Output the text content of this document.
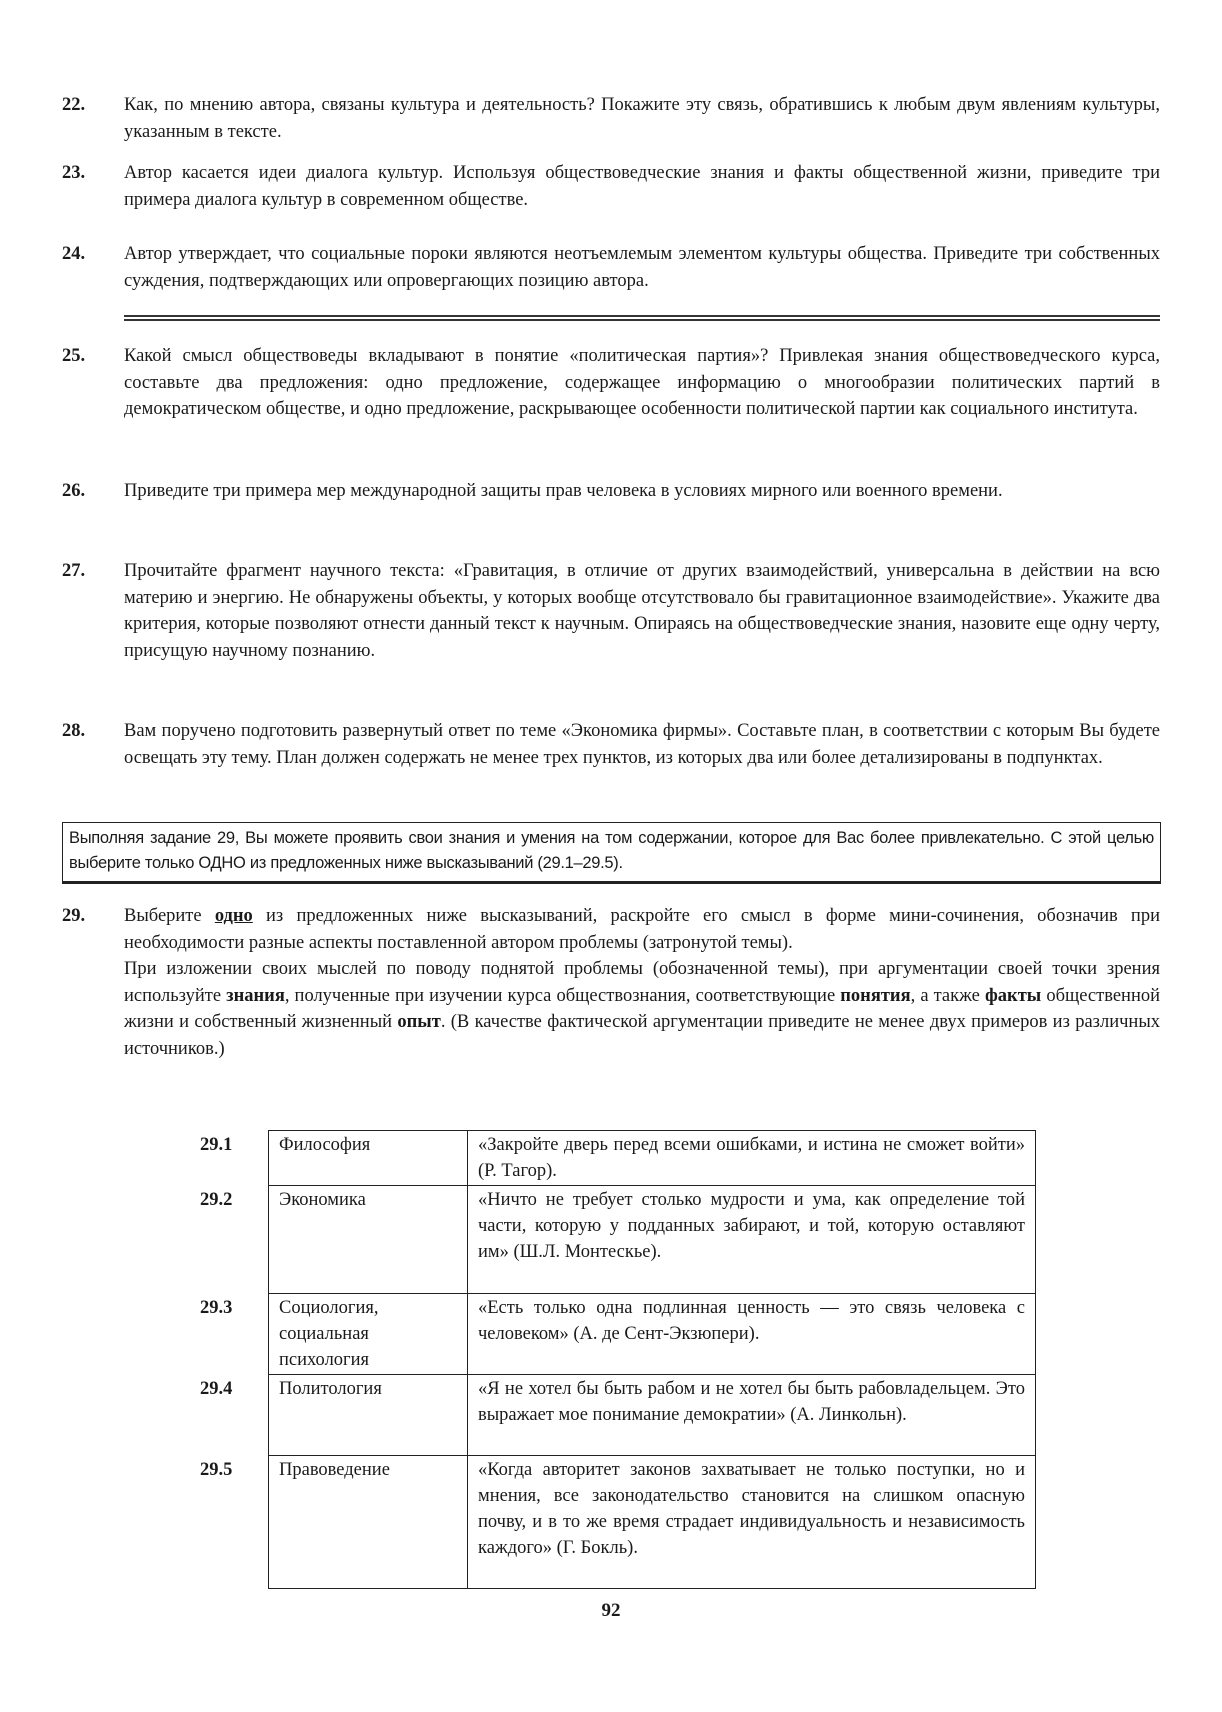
22. Как, по мнению автора, связаны культура и деятельность? Покажите эту связь, обратившись к любым двум явлениям культуры, указанным в тексте.
23. Автор касается идеи диалога культур. Используя обществоведческие знания и факты общественной жизни, приведите три примера диалога культур в современном обществе.
24. Автор утверждает, что социальные пороки являются неотъемлемым элементом культуры общества. Приведите три собственных суждения, подтверждающих или опровергающих позицию автора.
25. Какой смысл обществоведы вкладывают в понятие «политическая партия»? Привлекая знания обществоведческого курса, составьте два предложения: одно предложение, содержащее информацию о многообразии политических партий в демократическом обществе, и одно предложение, раскрывающее особенности политической партии как социального института.
26. Приведите три примера мер международной защиты прав человека в условиях мирного или военного времени.
27. Прочитайте фрагмент научного текста: «Гравитация, в отличие от других взаимодействий, универсальна в действии на всю материю и энергию. Не обнаружены объекты, у которых вообще отсутствовало бы гравитационное взаимодействие». Укажите два критерия, которые позволяют отнести данный текст к научным. Опираясь на обществоведческие знания, назовите еще одну черту, присущую научному познанию.
28. Вам поручено подготовить развернутый ответ по теме «Экономика фирмы». Составьте план, в соответствии с которым Вы будете освещать эту тему. План должен содержать не менее трех пунктов, из которых два или более детализированы в подпунктах.
Выполняя задание 29, Вы можете проявить свои знания и умения на том содержании, которое для Вас более привлекательно. С этой целью выберите только ОДНО из предложенных ниже высказываний (29.1–29.5).
29. Выберите одно из предложенных ниже высказываний, раскройте его смысл в форме мини-сочинения, обозначив при необходимости разные аспекты поставленной автором проблемы (затронутой темы).

При изложении своих мыслей по поводу поднятой проблемы (обозначенной темы), при аргументации своей точки зрения используйте знания, полученные при изучении курса обществознания, соответствующие понятия, а также факты общественной жизни и собственный жизненный опыт. (В качестве фактической аргументации приведите не менее двух примеров из различных источников.)

29.1	Философия	«Закройте дверь перед всеми ошибками, и истина не сможет войти» (Р. Тагор).
29.2	Экономика	«Ничто не требует столько мудрости и ума, как определение той части, которую у подданных забирают, и той, которую оставляют им» (Ш.Л. Монтескье).
29.3	Социология, социальная психология	«Есть только одна подлинная ценность — это связь человека с человеком» (А. де Сент-Экзюпери).
29.4	Политология	«Я не хотел бы быть рабом и не хотел бы быть рабовладельцем. Это выражает мое понимание демократии» (А. Линкольн).
29.5	Правоведение	«Когда авторитет законов захватывает не только поступки, но и мнения, все законодательство становится на слишком опасную почву, и в то же время страдает индивидуальность и независимость каждого» (Г. Бокль).
92
